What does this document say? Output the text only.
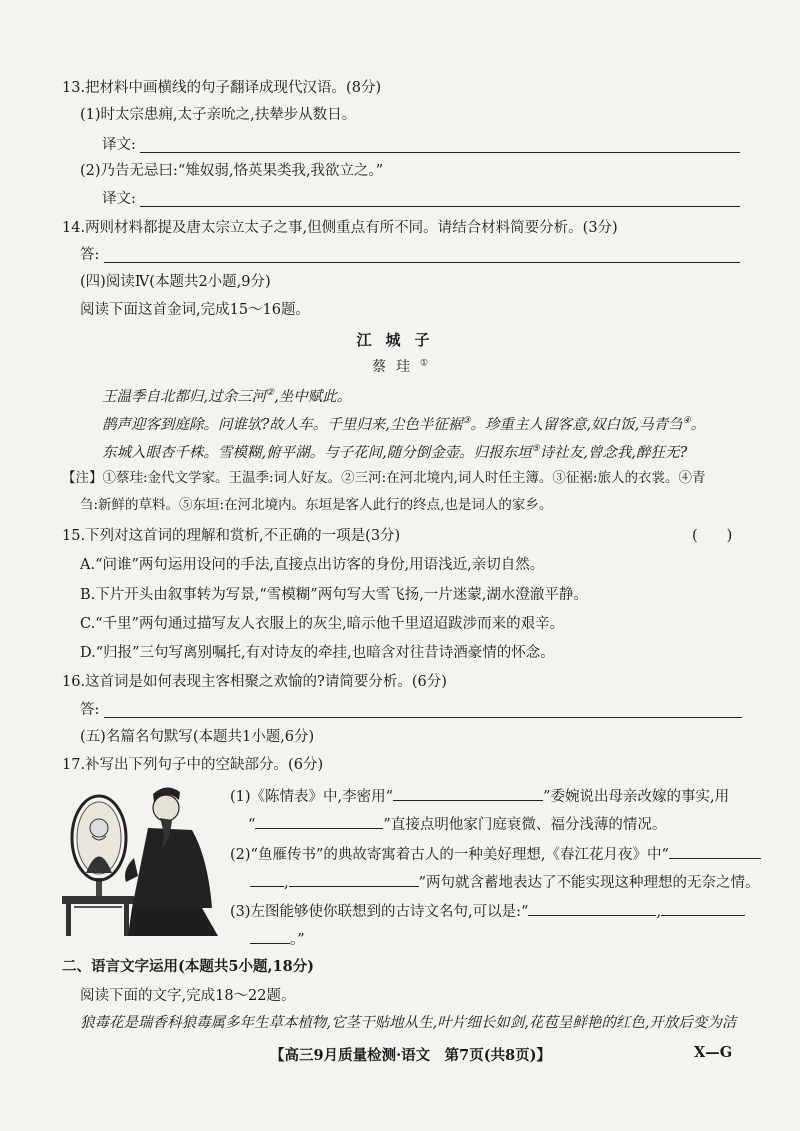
13.把材料中画横线的句子翻译成现代汉语。(8分)
(1)时太宗患痈,太子亲吮之,扶辇步从数日。
译文:
(2)乃告无忌曰:“雉奴弱,恪英果类我,我欲立之。”
译文:
14.两则材料都提及唐太宗立太子之事,但侧重点有所不同。请结合材料简要分析。(3分)
答:
(四)阅读Ⅳ(本题共2小题,9分)
阅读下面这首金词,完成15～16题。
江城子
蔡珪①
王温季自北都归,过余三河②,坐中赋此。
鹊声迎客到庭除。问谁欤?故人车。千里归来,尘色半征裾③。珍重主人留客意,奴白饭,马青刍④。
东城入眼杏千株。雪模糊,俯平湖。与子花间,随分倒金壶。归报东垣⑤诗社友,曾念我,醉狂无?
【注】①蔡珪:金代文学家。王温季:词人好友。②三河:在河北境内,词人时任主簿。③征裾:旅人的衣裳。④青
刍:新鲜的草料。⑤东垣:在河北境内。东垣是客人此行的终点,也是词人的家乡。
15.下列对这首词的理解和赏析,不正确的一项是(3分)	(　　)
A.“问谁”两句运用设问的手法,直接点出访客的身份,用语浅近,亲切自然。
B.下片开头由叙事转为写景,“雪模糊”两句写大雪飞扬,一片迷蒙,湖水澄澈平静。
C.“千里”两句通过描写友人衣服上的灰尘,暗示他千里迢迢跋涉而来的艰辛。
D.“归报”三句写离别嘱托,有对诗友的牵挂,也暗含对往昔诗酒豪情的怀念。
16.这首词是如何表现主客相聚之欢愉的?请简要分析。(6分)
答:
(五)名篇名句默写(本题共1小题,6分)
17.补写出下列句子中的空缺部分。(6分)
(1)《陈情表》中,李密用“	”委婉说出母亲改嫁的事实,用
“	”直接点明他家门庭衰微、福分浅薄的情况。
(2)“鱼雁传书”的典故寄寓着古人的一种美好理想,《春江花月夜》中“
,	”两句就含蓄地表达了不能实现这种理想的无奈之情。
(3)左图能够使你联想到的古诗文名句,可以是:“	,
。”
二、语言文字运用(本题共5小题,18分)
阅读下面的文字,完成18～22题。
狼毒花是瑞香科狼毒属多年生草本植物,它茎干贴地从生,叶片细长如剑,花苞呈鲜艳的红色,开放后变为洁
【高三9月质量检测·语文　第7页(共8页)】	X—G
